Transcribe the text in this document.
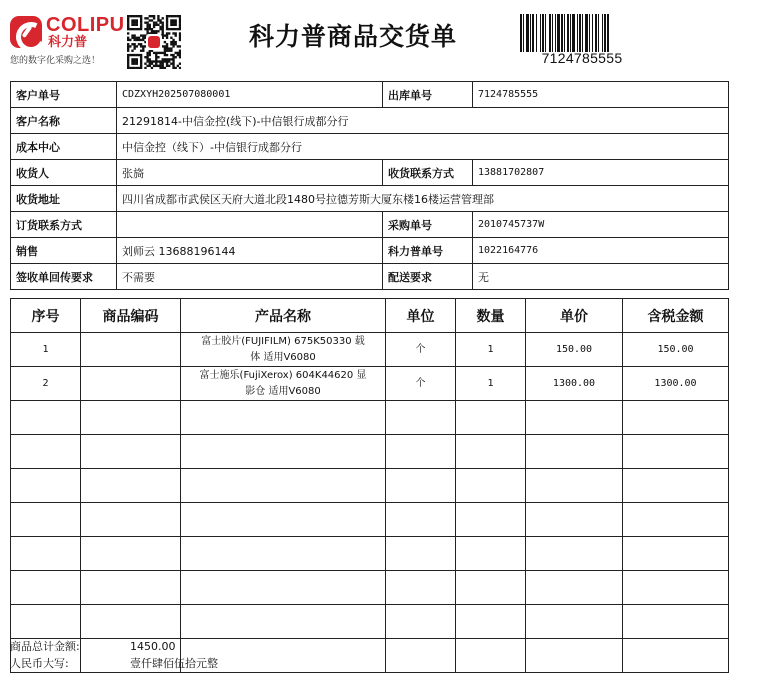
COLIPU
科力普
您的数字化采购之选！
科力普商品交货单
7124785555
客户单号	CDZXYH202507080001	出库单号	7124785555
客户名称	21291814-中信金控(线下)-中信银行成都分行		
成本中心	中信金控（线下）-中信银行成都分行		
收货人	张旖	收货联系方式	13881702807
收货地址	四川省成都市武侯区天府大道北段1480号拉德芳斯大厦东楼16楼运营管理部		
订货联系方式		采购单号	2010745737W
销售	刘师云 13688196144	科力普单号	1022164776
签收单回传要求	不需要	配送要求	无
序号	商品编码	产品名称	单位	数量	单价	含税金额
1		富士胶片(FUJIFILM) 675K50330 载
体 适用V6080	个	1	150.00	150.00
2		富士施乐(FujiXerox) 604K44620 显
影仓 适用V6080	个	1	1300.00	1300.00

商品总计金额:	1450.00
人民币大写:	壹仟肆佰伍拾元整
